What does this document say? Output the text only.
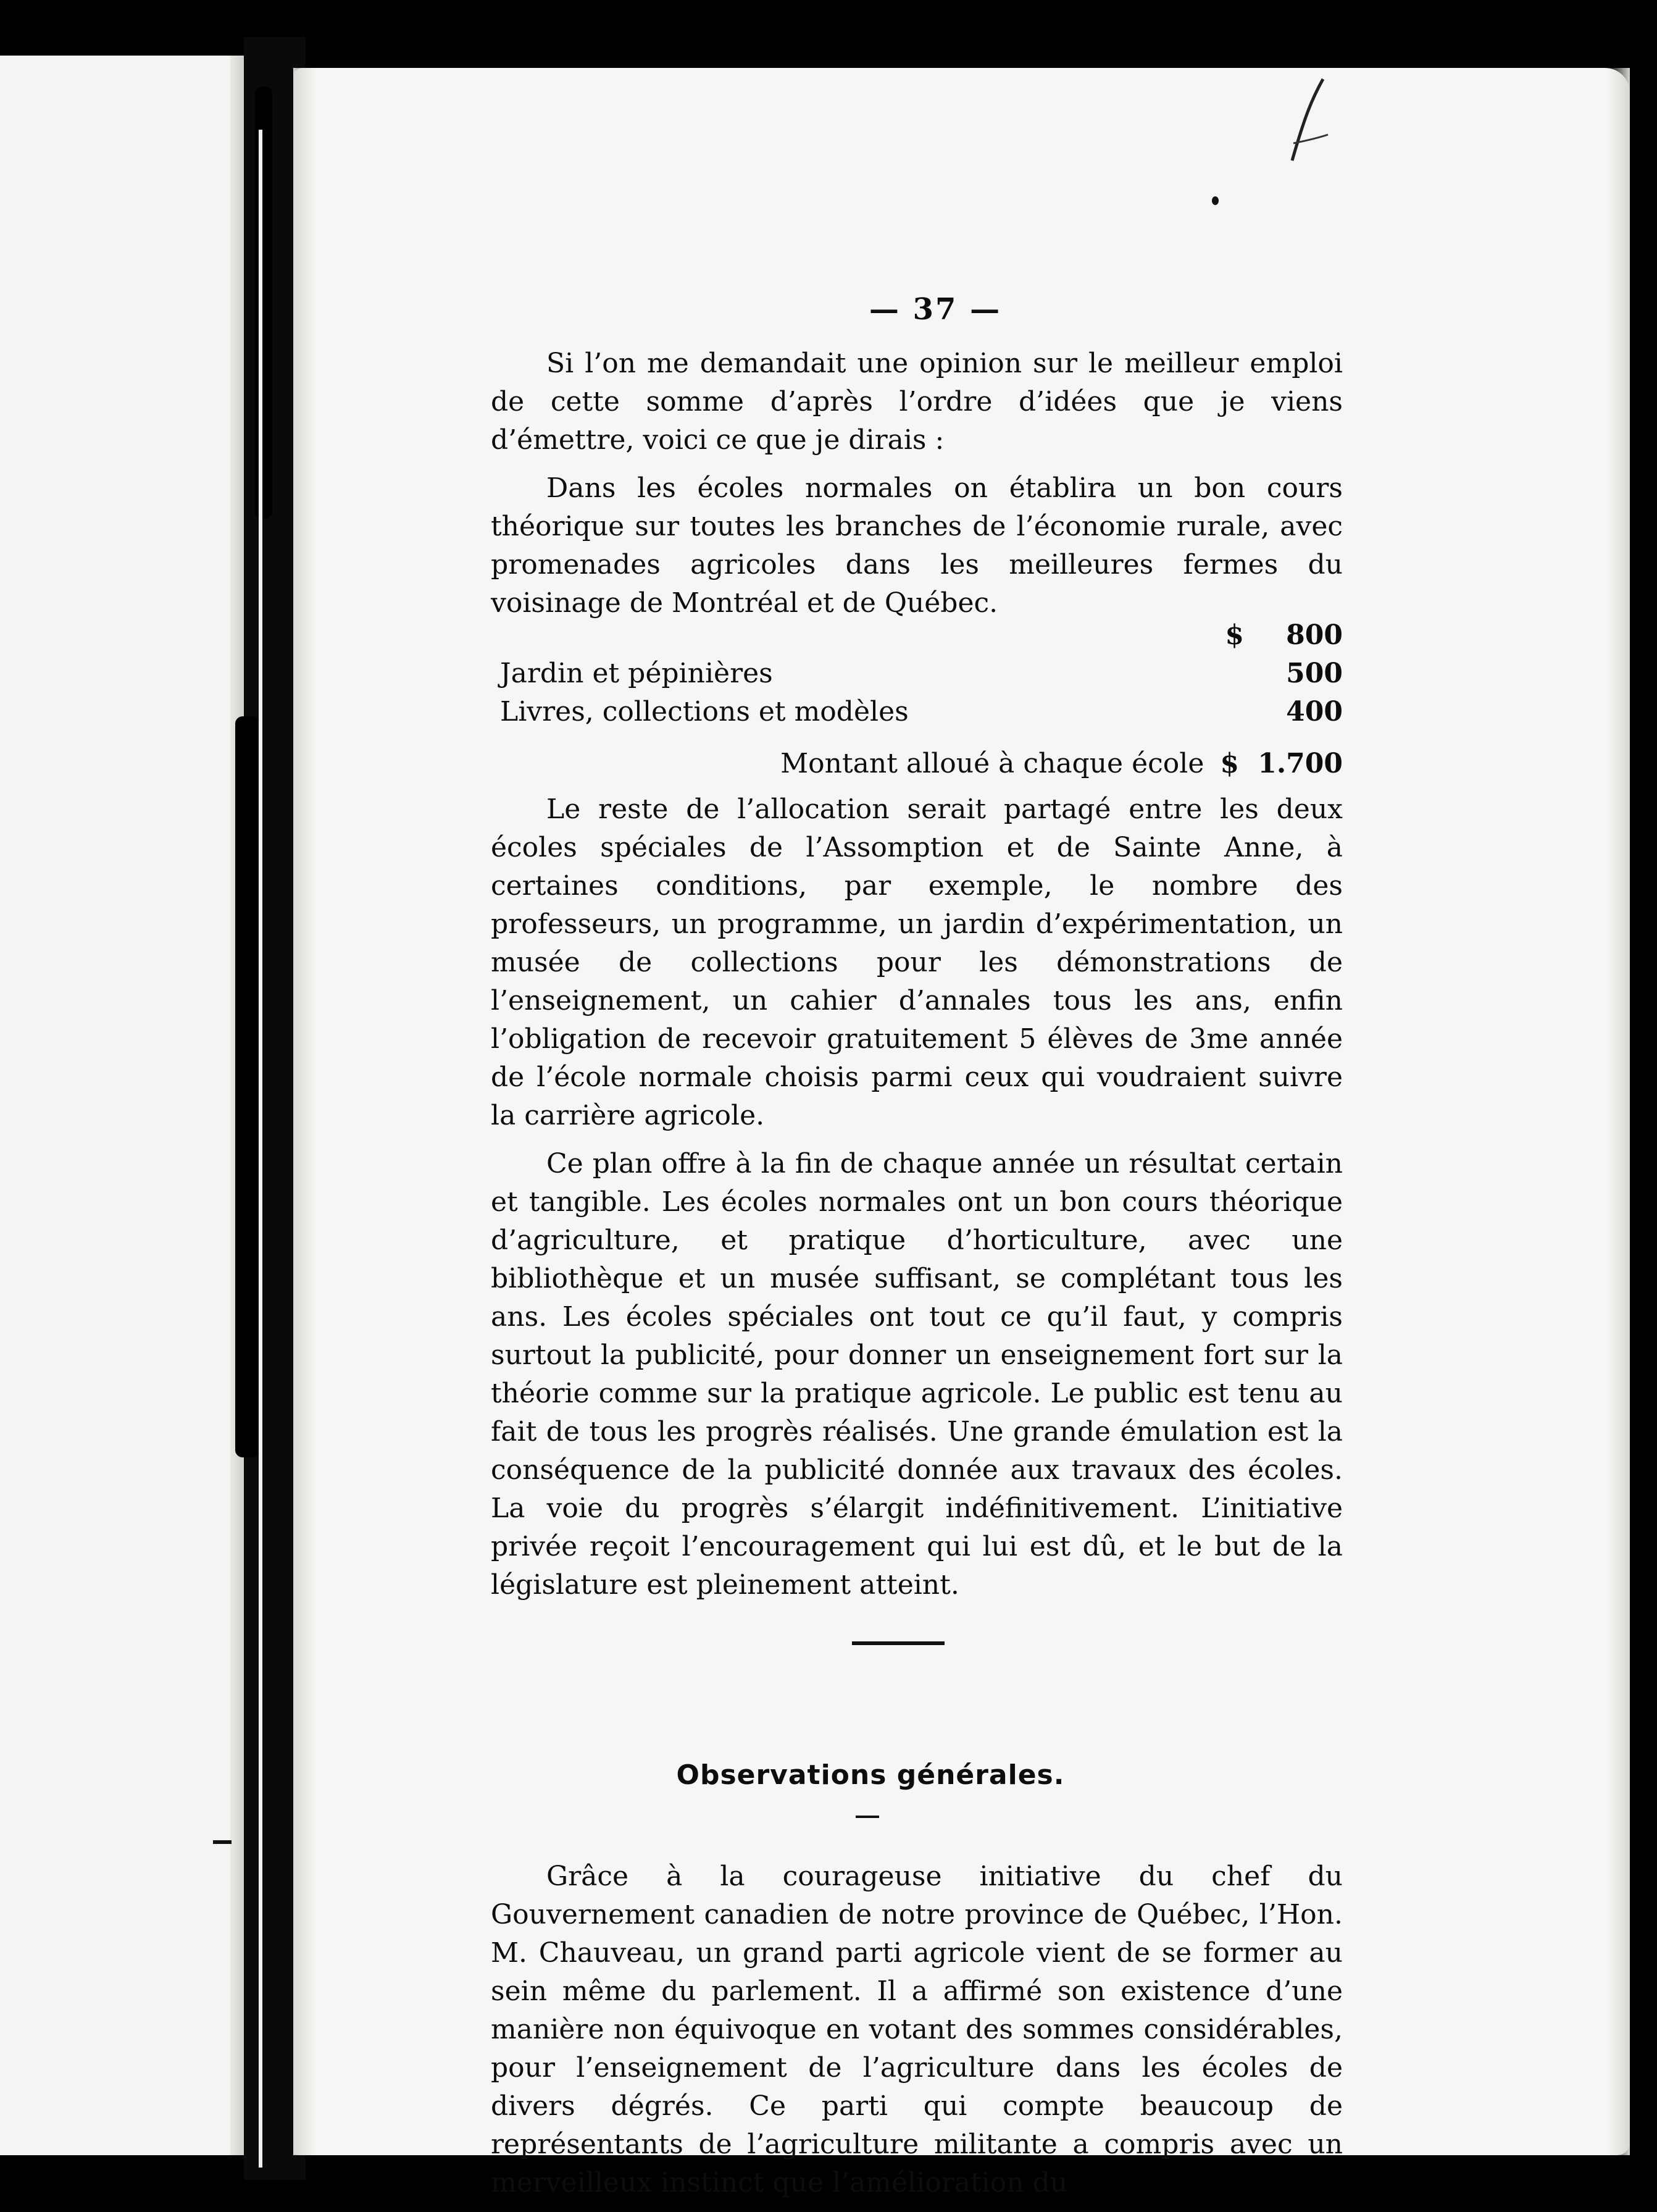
— 37 —

Si l’on me demandait une opinion sur le meilleur emploi de cette somme d’après l’ordre d’idées que je viens d’émettre, voici ce que je dirais :

Dans les écoles normales on établira un bon cours théorique sur toutes les branches de l’économie rurale, avec promenades agricoles dans les meilleures fermes du voisinage de Montréal et de Québec.

$	800
Jardin et pépinières	500
Livres, collections et modèles	400
Montant alloué à chaque école $ 1.700

Le reste de l’allocation serait partagé entre les deux écoles spéciales de l’Assomption et de Sainte Anne, à certaines conditions, par exemple, le nombre des professeurs, un programme, un jardin d’expérimentation, un musée de collections pour les démonstrations de l’enseignement, un cahier d’annales tous les ans, enfin l’obligation de recevoir gratuitement 5 élèves de 3me année de l’école normale choisis parmi ceux qui voudraient suivre la carrière agricole.

Ce plan offre à la fin de chaque année un résultat certain et tangible. Les écoles normales ont un bon cours théorique d’agriculture, et pratique d’horticulture, avec une bibliothèque et un musée suffisant, se complétant tous les ans. Les écoles spéciales ont tout ce qu’il faut, y compris surtout la publicité, pour donner un enseignement fort sur la théorie comme sur la pratique agricole. Le public est tenu au fait de tous les progrès réalisés. Une grande émulation est la conséquence de la publicité donnée aux travaux des écoles. La voie du progrès s’élargit indéfinitivement. L’initiative privée reçoit l’encouragement qui lui est dû, et le but de la législature est pleinement atteint.

Observations générales.

Grâce à la courageuse initiative du chef du Gouvernement canadien de notre province de Québec, l’Hon. M. Chauveau, un grand parti agricole vient de se former au sein même du parlement. Il a affirmé son existence d’une manière non équivoque en votant des sommes considérables, pour l’enseignement de l’agriculture dans les écoles de divers dégrés. Ce parti qui compte beaucoup de représentants de l’agriculture militante a compris avec un merveilleux instinct que l’amélioration du
